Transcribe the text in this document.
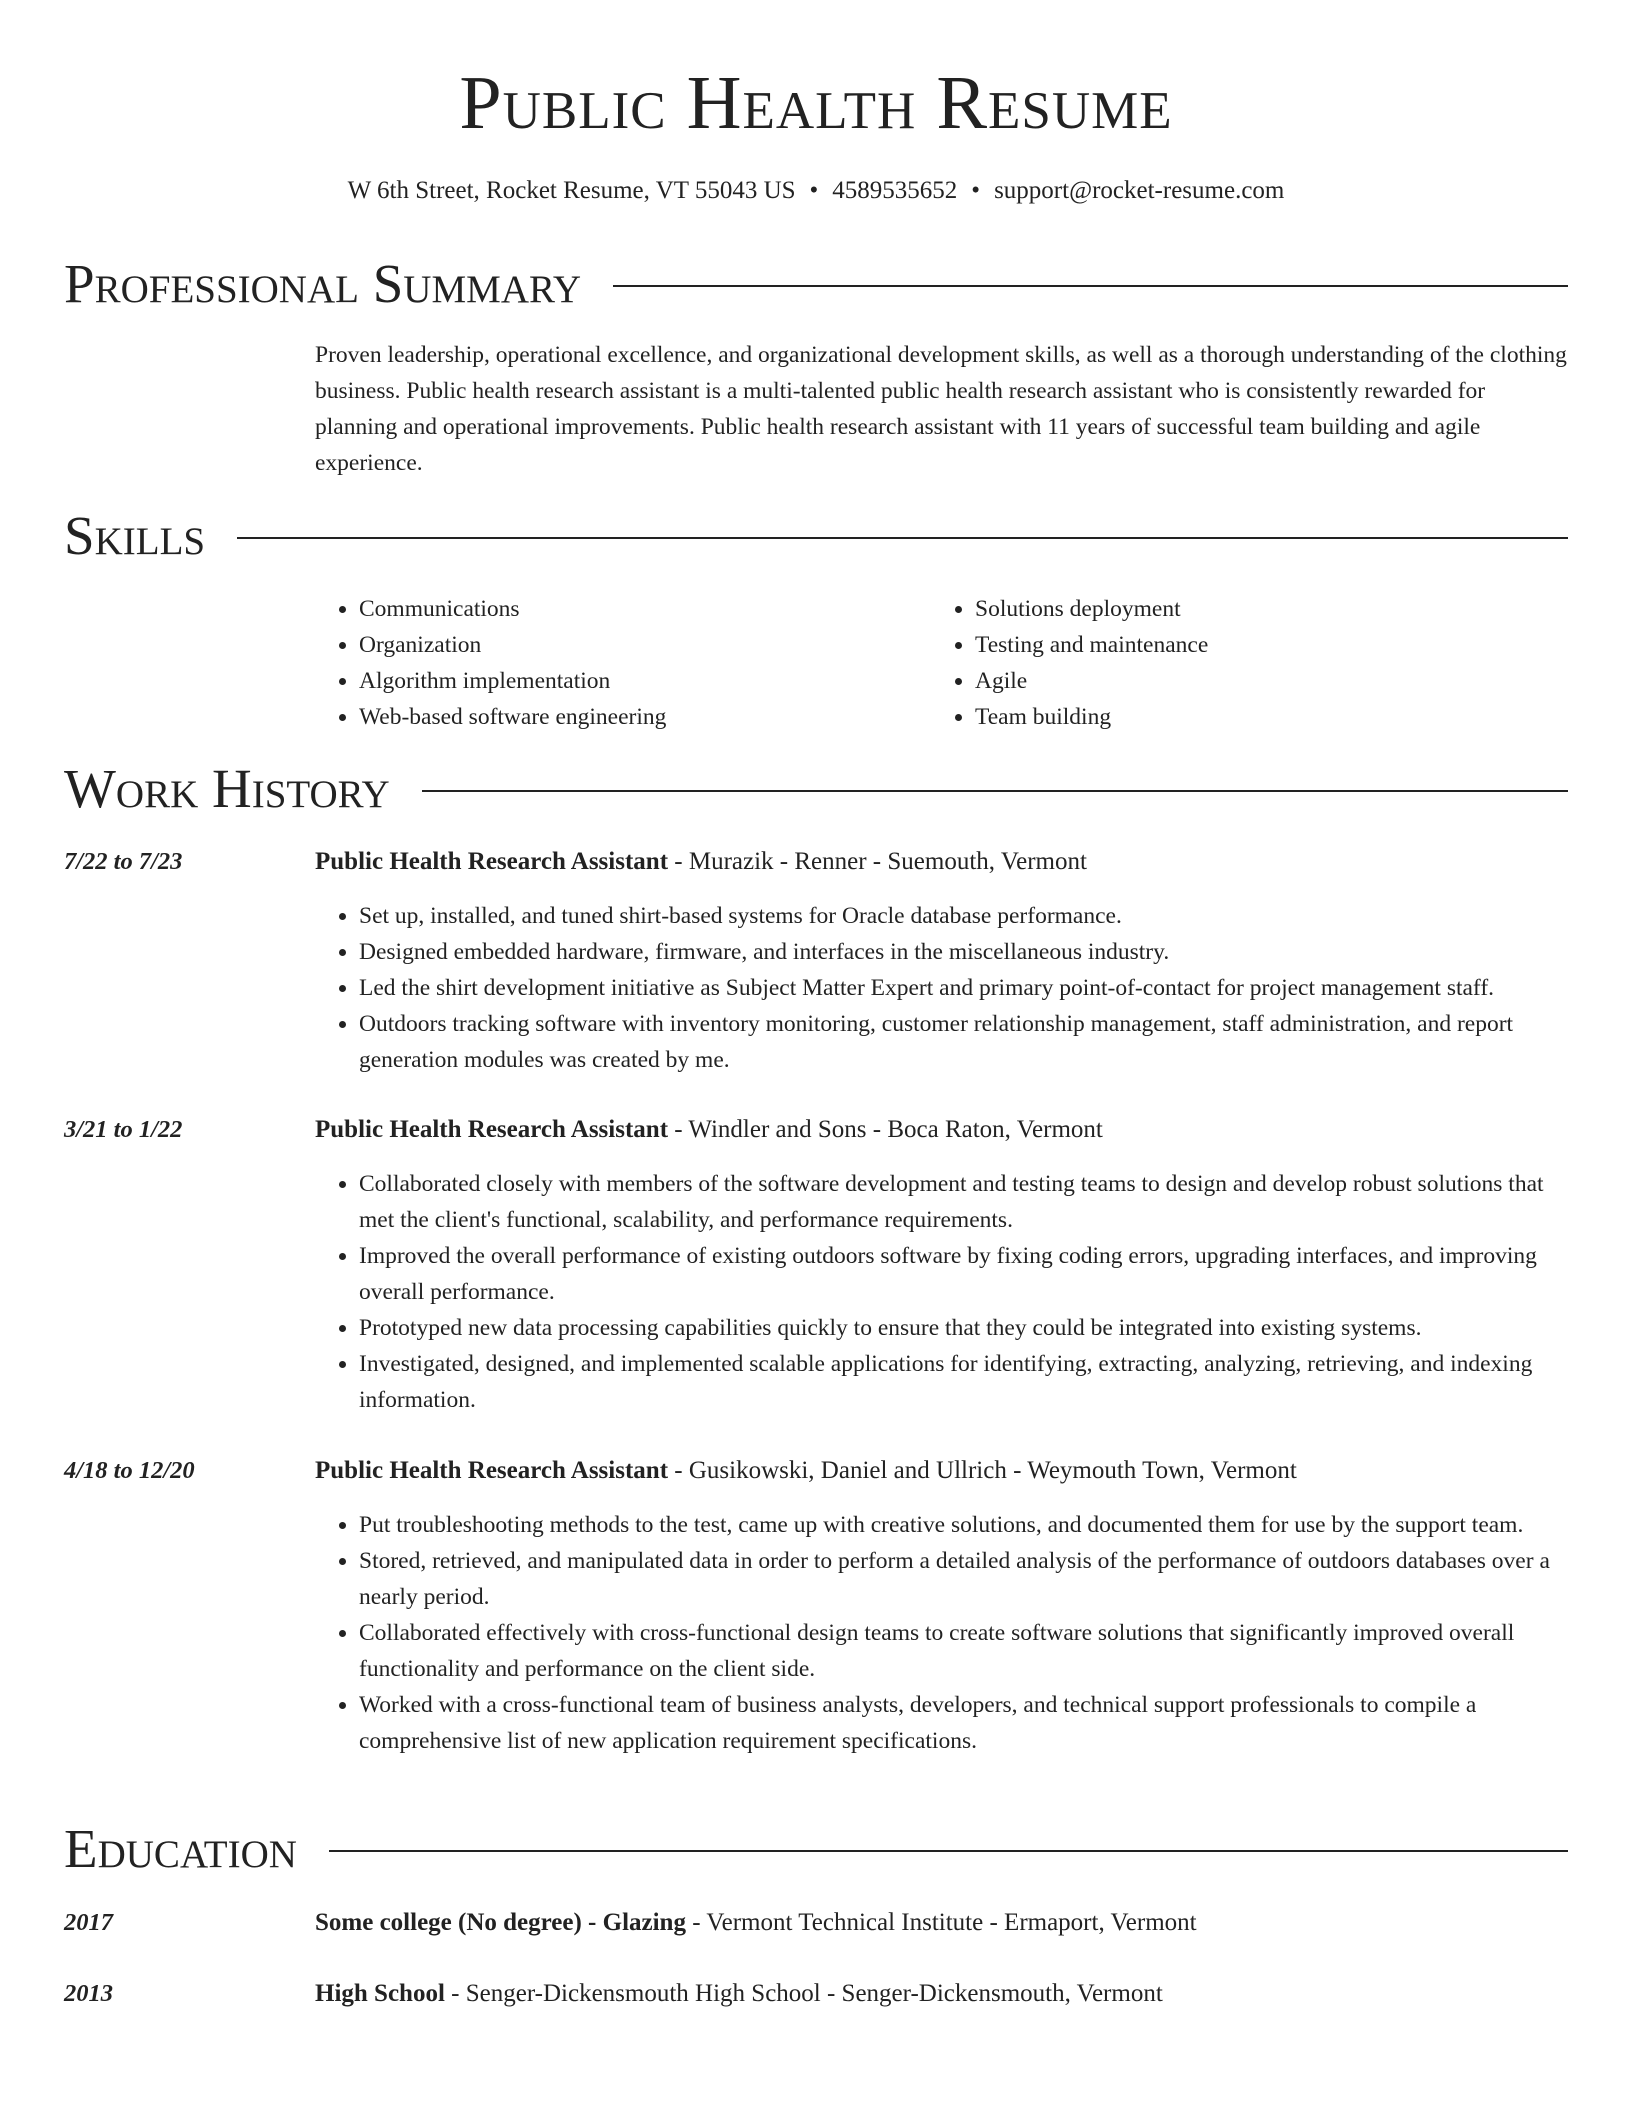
Public Health Resume
W 6th Street, Rocket Resume, VT 55043 US • 4589535652 • support@rocket-resume.com
Professional Summary
Proven leadership, operational excellence, and organizational development skills, as well as a thorough understanding of the clothing business. Public health research assistant is a multi-talented public health research assistant who is consistently rewarded for planning and operational improvements. Public health research assistant with 11 years of successful team building and agile experience.
Skills
• Communications
• Organization
• Algorithm implementation
• Web-based software engineering
• Solutions deployment
• Testing and maintenance
• Agile
• Team building
Work History
7/22 to 7/23	Public Health Research Assistant - Murazik - Renner - Suemouth, Vermont
• Set up, installed, and tuned shirt-based systems for Oracle database performance.
• Designed embedded hardware, firmware, and interfaces in the miscellaneous industry.
• Led the shirt development initiative as Subject Matter Expert and primary point-of-contact for project management staff.
• Outdoors tracking software with inventory monitoring, customer relationship management, staff administration, and report generation modules was created by me.
3/21 to 1/22	Public Health Research Assistant - Windler and Sons - Boca Raton, Vermont
• Collaborated closely with members of the software development and testing teams to design and develop robust solutions that met the client's functional, scalability, and performance requirements.
• Improved the overall performance of existing outdoors software by fixing coding errors, upgrading interfaces, and improving overall performance.
• Prototyped new data processing capabilities quickly to ensure that they could be integrated into existing systems.
• Investigated, designed, and implemented scalable applications for identifying, extracting, analyzing, retrieving, and indexing information.
4/18 to 12/20	Public Health Research Assistant - Gusikowski, Daniel and Ullrich - Weymouth Town, Vermont
• Put troubleshooting methods to the test, came up with creative solutions, and documented them for use by the support team.
• Stored, retrieved, and manipulated data in order to perform a detailed analysis of the performance of outdoors databases over a nearly period.
• Collaborated effectively with cross-functional design teams to create software solutions that significantly improved overall functionality and performance on the client side.
• Worked with a cross-functional team of business analysts, developers, and technical support professionals to compile a comprehensive list of new application requirement specifications.
Education
2017	Some college (No degree) - Glazing - Vermont Technical Institute - Ermaport, Vermont
2013	High School - Senger-Dickensmouth High School - Senger-Dickensmouth, Vermont
